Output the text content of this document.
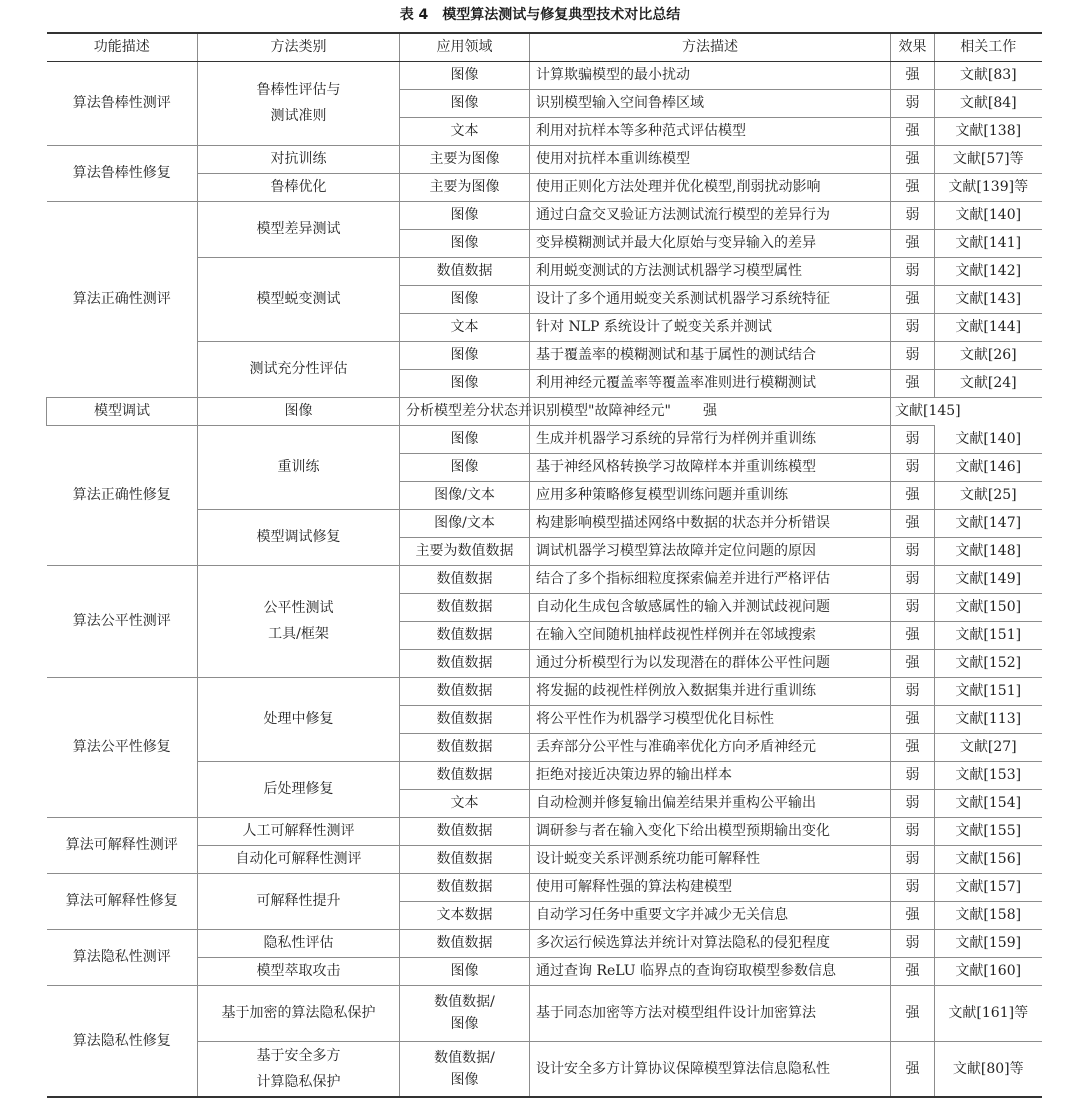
表 4 模型算法测试与修复典型技术对比总结
功能描述	方法类别	应用领域	方法描述	效果	相关工作
算法鲁棒性测评	鲁棒性评估与
测试准则	图像	计算欺骗模型的最小扰动	强	文献[83]
		图像	识别模型输入空间鲁棒区域	弱	文献[84]
		文本	利用对抗样本等多种范式评估模型	强	文献[138]
算法鲁棒性修复	对抗训练	主要为图像	使用对抗样本重训练模型	强	文献[57]等
	鲁棒优化	主要为图像	使用正则化方法处理并优化模型,削弱扰动影响	强	文献[139]等
算法正确性测评	模型差异测试	图像	通过白盒交叉验证方法测试流行模型的差异行为	弱	文献[140]
		图像	变异模糊测试并最大化原始与变异输入的差异	强	文献[141]
	模型蜕变测试	数值数据	利用蜕变测试的方法测试机器学习模型属性	弱	文献[142]
		图像	设计了多个通用蜕变关系测试机器学习系统特征	强	文献[143]
		文本	针对 NLP 系统设计了蜕变关系并测试	弱	文献[144]
	测试充分性评估	图像	基于覆盖率的模糊测试和基于属性的测试结合	弱	文献[26]
		图像	利用神经元覆盖率等覆盖率准则进行模糊测试	强	文献[24]
模型调试	图像	分析模型差分状态并识别模型"故障神经元"	强	文献[145]	
算法正确性修复	重训练	图像	生成并机器学习系统的异常行为样例并重训练	弱	文献[140]
		图像	基于神经风格转换学习故障样本并重训练模型	弱	文献[146]
		图像/文本	应用多种策略修复模型训练问题并重训练	强	文献[25]
	模型调试修复	图像/文本	构建影响模型描述网络中数据的状态并分析错误	强	文献[147]
		主要为数值数据	调试机器学习模型算法故障并定位问题的原因	弱	文献[148]
算法公平性测评	公平性测试
工具/框架	数值数据	结合了多个指标细粒度探索偏差并进行严格评估	弱	文献[149]
		数值数据	自动化生成包含敏感属性的输入并测试歧视问题	弱	文献[150]
		数值数据	在输入空间随机抽样歧视性样例并在邻域搜索	强	文献[151]
		数值数据	通过分析模型行为以发现潜在的群体公平性问题	强	文献[152]
算法公平性修复	处理中修复	数值数据	将发掘的歧视性样例放入数据集并进行重训练	弱	文献[151]
		数值数据	将公平性作为机器学习模型优化目标性	强	文献[113]
		数值数据	丢弃部分公平性与准确率优化方向矛盾神经元	强	文献[27]
	后处理修复	数值数据	拒绝对接近决策边界的输出样本	弱	文献[153]
		文本	自动检测并修复输出偏差结果并重构公平输出	弱	文献[154]
算法可解释性测评	人工可解释性测评	数值数据	调研参与者在输入变化下给出模型预期输出变化	弱	文献[155]
	自动化可解释性测评	数值数据	设计蜕变关系评测系统功能可解释性	弱	文献[156]
算法可解释性修复	可解释性提升	数值数据	使用可解释性强的算法构建模型	弱	文献[157]
		文本数据	自动学习任务中重要文字并减少无关信息	强	文献[158]
算法隐私性测评	隐私性评估	数值数据	多次运行候选算法并统计对算法隐私的侵犯程度	弱	文献[159]
	模型萃取攻击	图像	通过查询 ReLU 临界点的查询窃取模型参数信息	强	文献[160]
算法隐私性修复	基于加密的算法隐私保护	数值数据/
图像	基于同态加密等方法对模型组件设计加密算法	强	文献[161]等
	基于安全多方
计算隐私保护	数值数据/
图像	设计安全多方计算协议保障模型算法信息隐私性	强	文献[80]等
